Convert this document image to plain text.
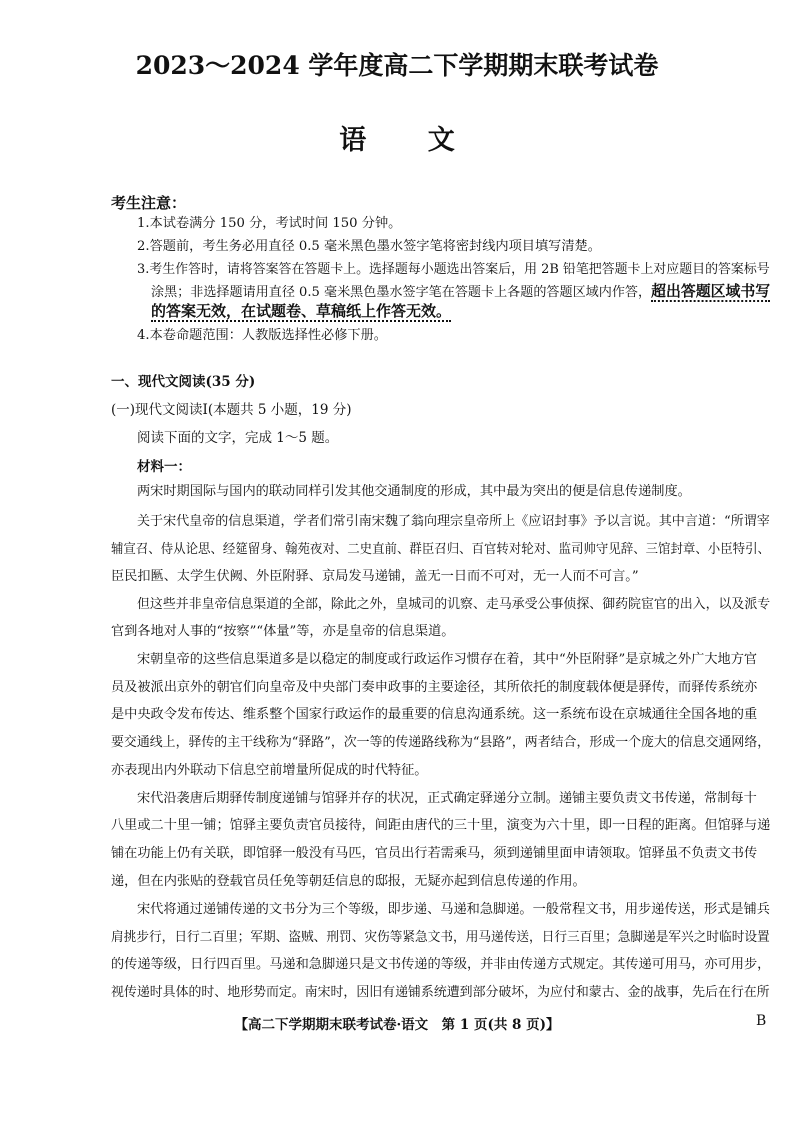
2023～2024 学年度高二下学期期末联考试卷
语 文
考生注意：
1.本试卷满分 150 分，考试时间 150 分钟。
2.答题前，考生务必用直径 0.5 毫米黑色墨水签字笔将密封线内项目填写清楚。
3.考生作答时，请将答案答在答题卡上。选择题每小题选出答案后，用 2B 铅笔把答题卡上对应题目的答案标号
涂黑；非选择题请用直径 0.5 毫米黑色墨水签字笔在答题卡上各题的答题区域内作答，超出答题区域书写
的答案无效，在试题卷、草稿纸上作答无效。
4.本卷命题范围：人教版选择性必修下册。
一、现代文阅读(35 分)
(一)现代文阅读Ⅰ(本题共 5 小题，19 分)
阅读下面的文字，完成 1～5 题。
材料一：
两宋时期国际与国内的联动同样引发其他交通制度的形成，其中最为突出的便是信息传递制度。
关于宋代皇帝的信息渠道，学者们常引南宋魏了翁向理宗皇帝所上《应诏封事》予以言说。其中言道：“所谓宰
辅宣召、侍从论思、经筵留身、翰苑夜对、二史直前、群臣召归、百官转对轮对、监司帅守见辞、三馆封章、小臣特引、
臣民扣匦、太学生伏阙、外臣附驿、京局发马递铺，盖无一日而不可对，无一人而不可言。”
但这些并非皇帝信息渠道的全部，除此之外，皇城司的讥察、走马承受公事侦探、御药院宦官的出入，以及派专
官到各地对人事的“按察”“体量”等，亦是皇帝的信息渠道。
宋朝皇帝的这些信息渠道多是以稳定的制度或行政运作习惯存在着，其中“外臣附驿”是京城之外广大地方官
员及被派出京外的朝官们向皇帝及中央部门奏申政事的主要途径，其所依托的制度载体便是驿传，而驿传系统亦
是中央政令发布传达、维系整个国家行政运作的最重要的信息沟通系统。这一系统布设在京城通往全国各地的重
要交通线上，驿传的主干线称为“驿路”，次一等的传递路线称为“县路”，两者结合，形成一个庞大的信息交通网络，
亦表现出内外联动下信息空前增量所促成的时代特征。
宋代沿袭唐后期驿传制度递铺与馆驿并存的状况，正式确定驿递分立制。递铺主要负责文书传递，常制每十
八里或二十里一铺；馆驿主要负责官员接待，间距由唐代的三十里，演变为六十里，即一日程的距离。但馆驿与递
铺在功能上仍有关联，即馆驿一般没有马匹，官员出行若需乘马，须到递铺里面申请领取。馆驿虽不负责文书传
递，但在内张贴的登载官员任免等朝廷信息的邸报，无疑亦起到信息传递的作用。
宋代将通过递铺传递的文书分为三个等级，即步递、马递和急脚递。一般常程文书，用步递传送，形式是铺兵
肩挑步行，日行二百里；军期、盗贼、刑罚、灾伤等紧急文书，用马递传送，日行三百里；急脚递是军兴之时临时设置
的传递等级，日行四百里。马递和急脚递只是文书传递的等级，并非由传递方式规定。其传递可用马，亦可用步，
视传递时具体的时、地形势而定。南宋时，因旧有递铺系统遭到部分破坏，为应付和蒙古、金的战事，先后在行在所
【高二下学期期末联考试卷·语文　第 1 页(共 8 页)】	B
